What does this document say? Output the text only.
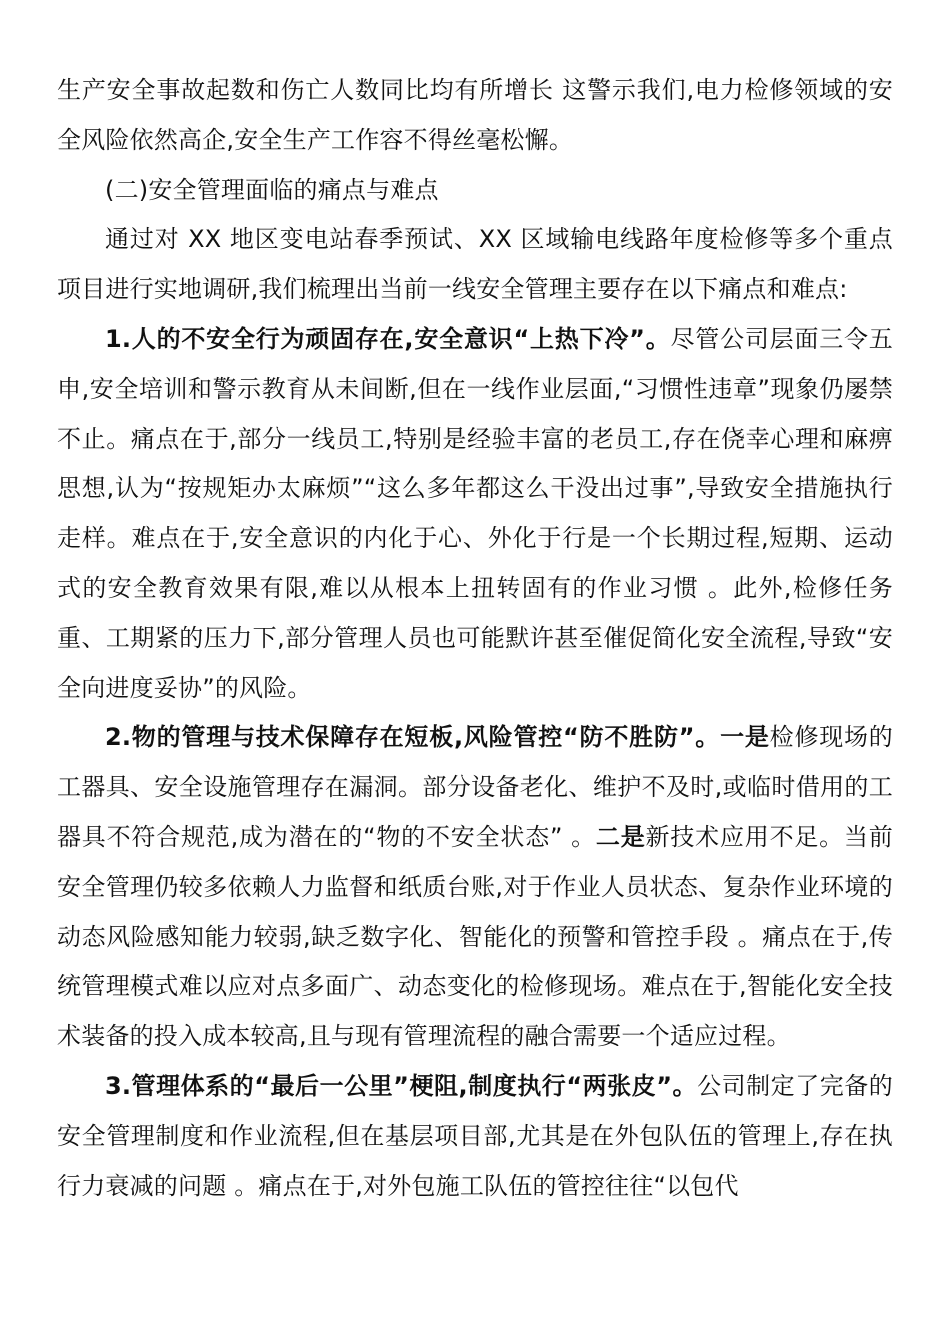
生产安全事故起数和伤亡人数同比均有所增长 这警示我们,电力检修领域的安全风险依然高企,安全生产工作容不得丝毫松懈。

(二)安全管理面临的痛点与难点

通过对 XX 地区变电站春季预试、XX 区域输电线路年度检修等多个重点项目进行实地调研,我们梳理出当前一线安全管理主要存在以下痛点和难点:

1.人的不安全行为顽固存在,安全意识“上热下冷”。尽管公司层面三令五申,安全培训和警示教育从未间断,但在一线作业层面,“习惯性违章”现象仍屡禁不止。痛点在于,部分一线员工,特别是经验丰富的老员工,存在侥幸心理和麻痹思想,认为“按规矩办太麻烦”“这么多年都这么干没出过事”,导致安全措施执行走样。难点在于,安全意识的内化于心、外化于行是一个长期过程,短期、运动式的安全教育效果有限,难以从根本上扭转固有的作业习惯 。此外,检修任务重、工期紧的压力下,部分管理人员也可能默许甚至催促简化安全流程,导致“安全向进度妥协”的风险。

2.物的管理与技术保障存在短板,风险管控“防不胜防”。一是检修现场的工器具、安全设施管理存在漏洞。部分设备老化、维护不及时,或临时借用的工器具不符合规范,成为潜在的“物的不安全状态” 。二是新技术应用不足。当前安全管理仍较多依赖人力监督和纸质台账,对于作业人员状态、复杂作业环境的动态风险感知能力较弱,缺乏数字化、智能化的预警和管控手段 。痛点在于,传统管理模式难以应对点多面广、动态变化的检修现场。难点在于,智能化安全技术装备的投入成本较高,且与现有管理流程的融合需要一个适应过程。

3.管理体系的“最后一公里”梗阻,制度执行“两张皮”。公司制定了完备的安全管理制度和作业流程,但在基层项目部,尤其是在外包队伍的管理上,存在执行力衰减的问题 。痛点在于,对外包施工队伍的管控往往“以包代
